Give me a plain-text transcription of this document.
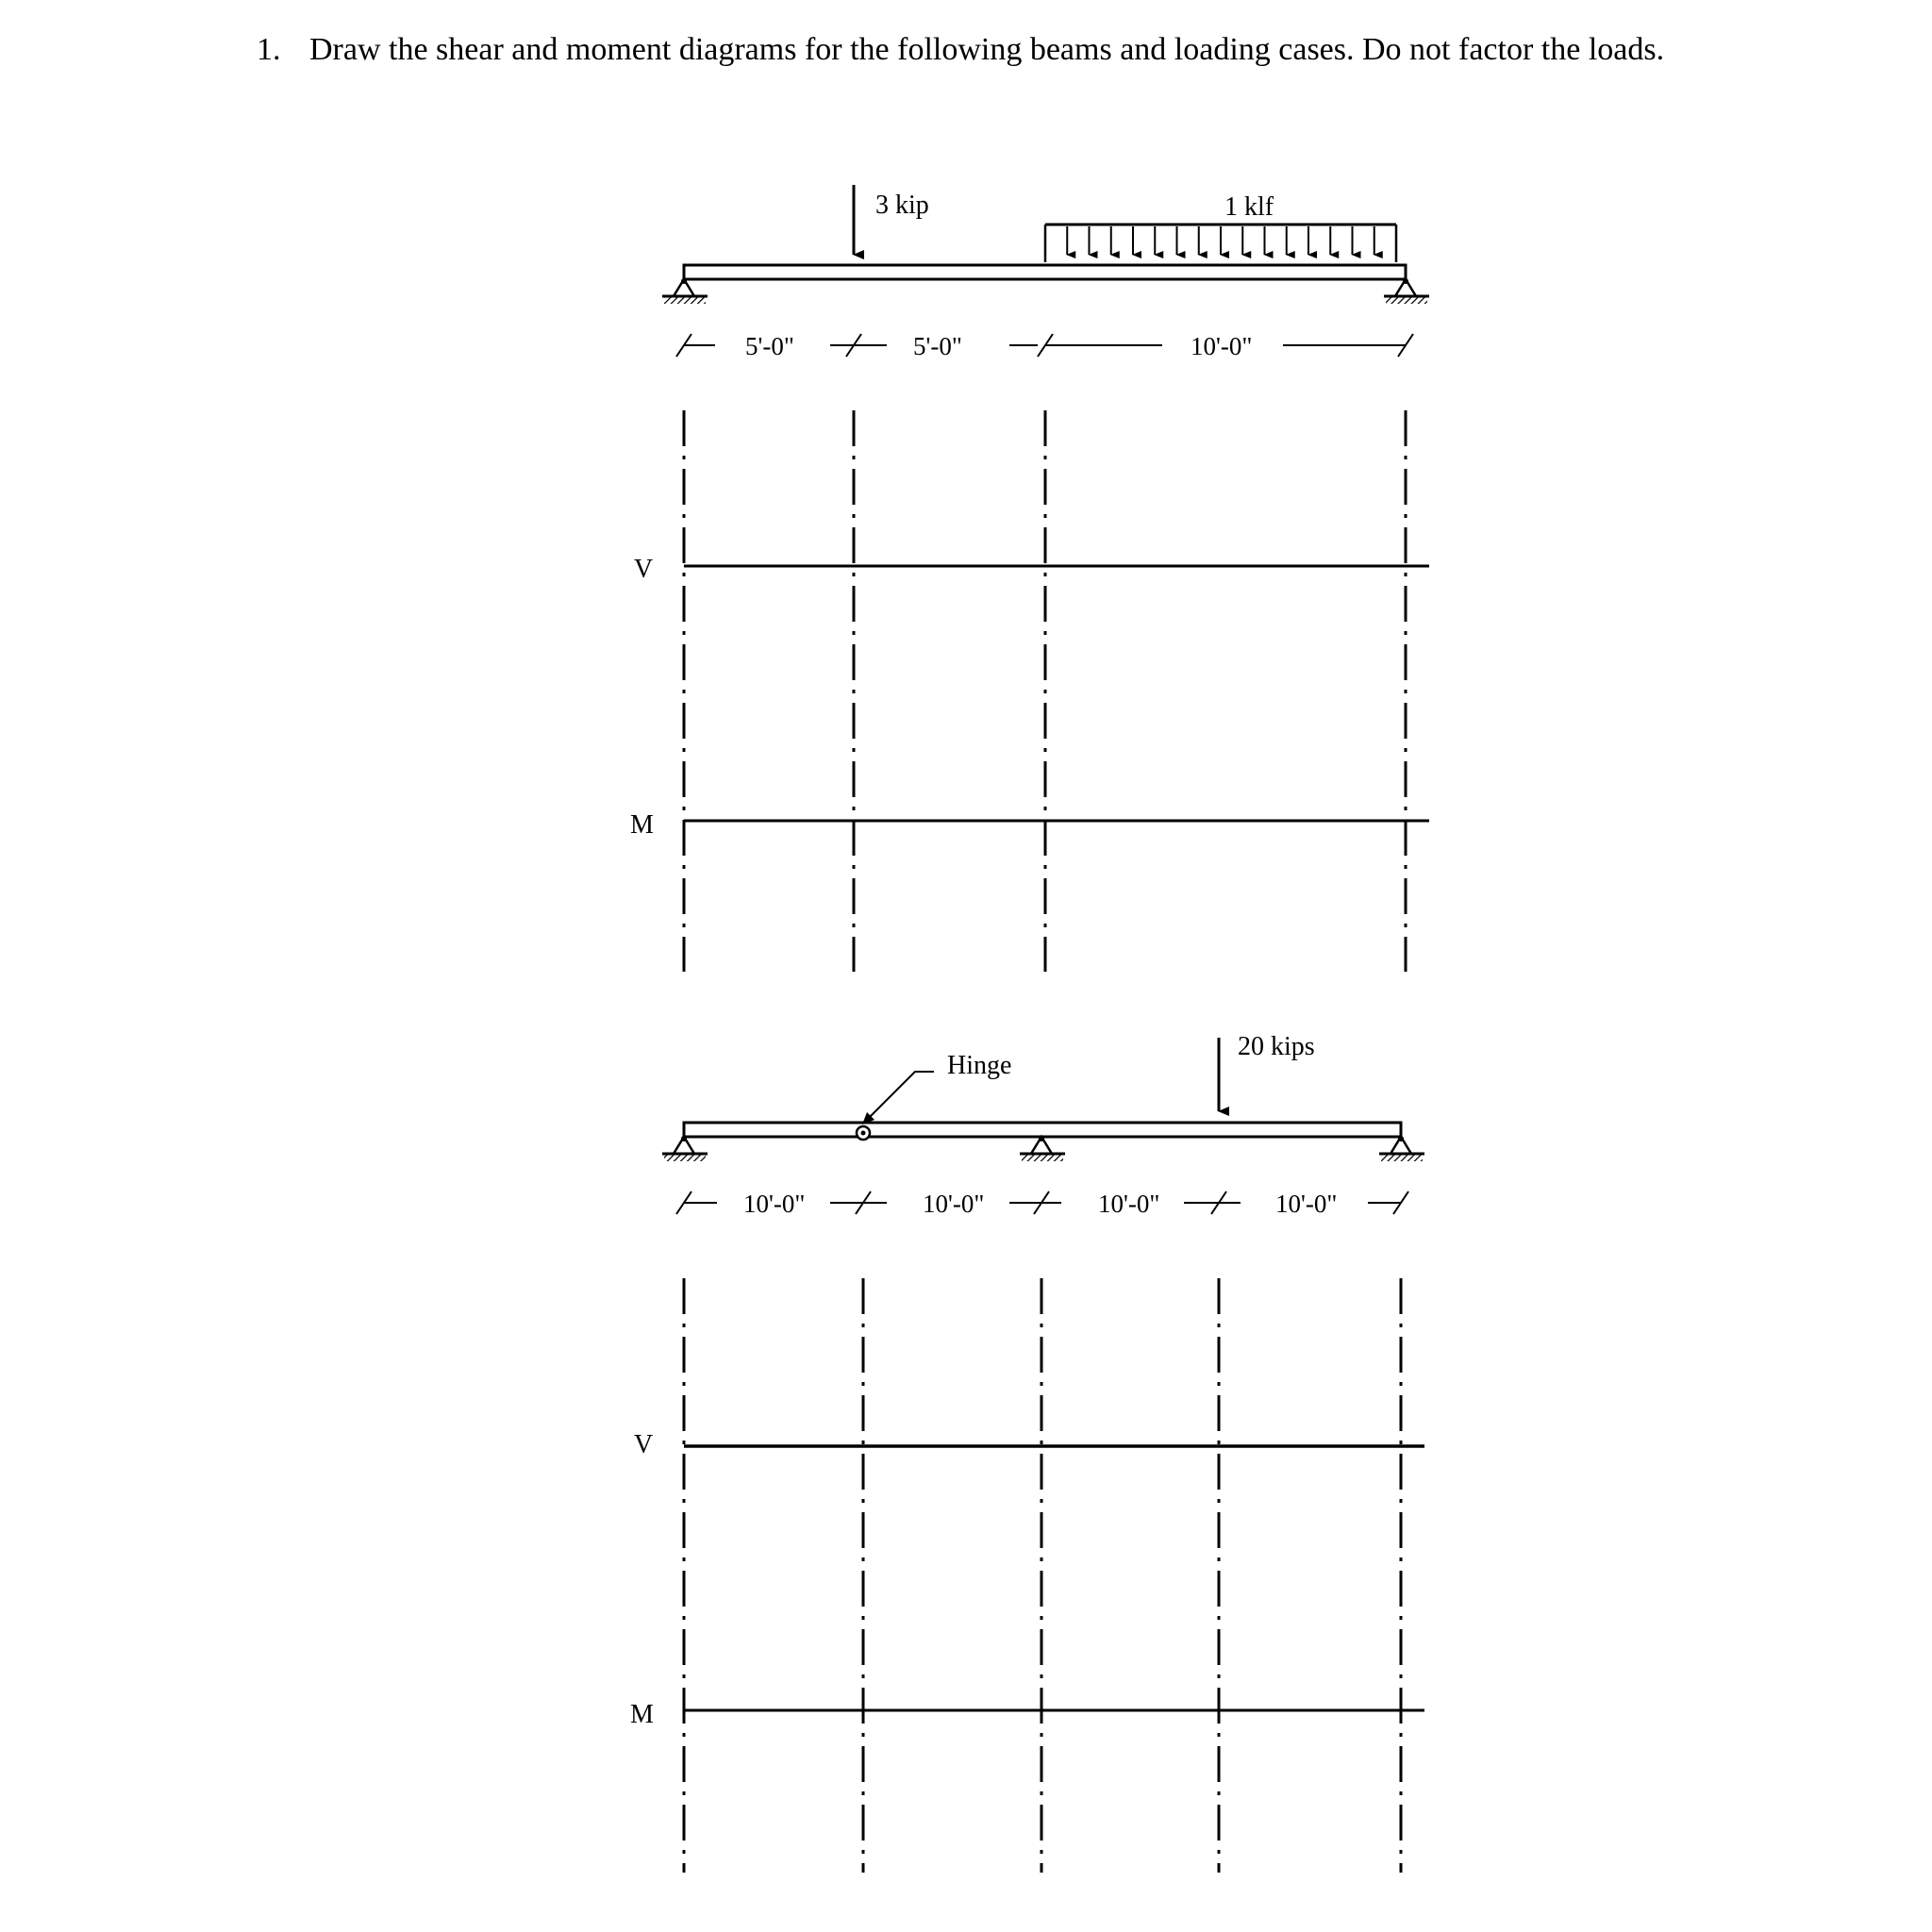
1. Draw the shear and moment diagrams for the following beams and loading cases. Do not factor the loads.
3 kip	1 klf
5'-0"	5'-0"	10'-0"
V
M
Hinge
20 kips
10'-0"	10'-0"	10'-0"	10'-0"
V
M
